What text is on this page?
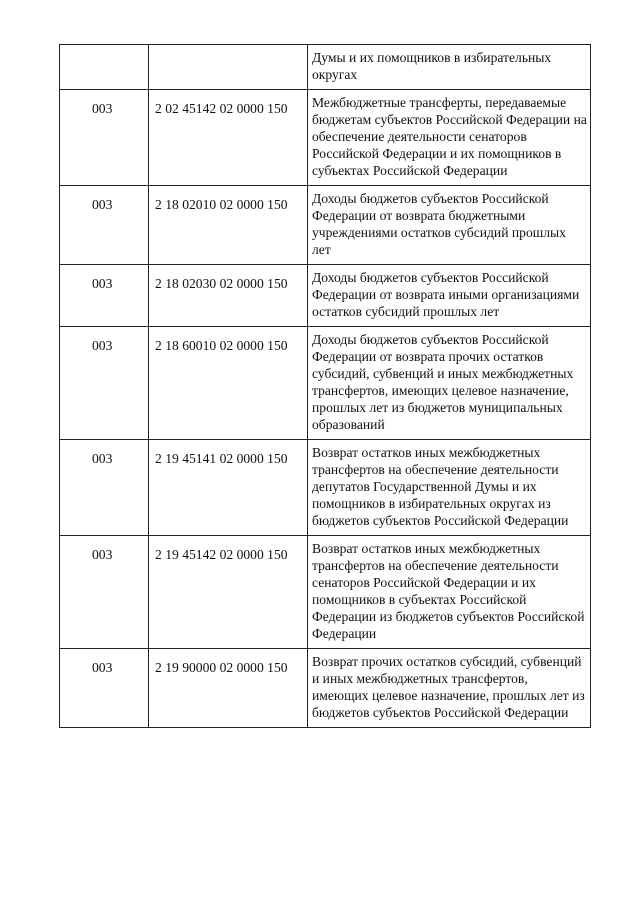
		Думы и их помощников в избирательных округах
003	2 02 45142 02 0000 150	Межбюджетные трансферты, передаваемые бюджетам субъектов Российской Федерации на обеспечение деятельности сенаторов Российской Федерации и их помощников в субъектах Российской Федерации
003	2 18 02010 02 0000 150	Доходы бюджетов субъектов Российской Федерации от возврата бюджетными учреждениями остатков субсидий прошлых лет
003	2 18 02030 02 0000 150	Доходы бюджетов субъектов Российской Федерации от возврата иными организациями остатков субсидий прошлых лет
003	2 18 60010 02 0000 150	Доходы бюджетов субъектов Российской Федерации от возврата прочих остатков субсидий, субвенций и иных межбюджетных трансфертов, имеющих целевое назначение, прошлых лет из бюджетов муниципальных образований
003	2 19 45141 02 0000 150	Возврат остатков иных межбюджетных трансфертов на обеспечение деятельности депутатов Государственной Думы и их помощников в избирательных округах из бюджетов субъектов Российской Федерации
003	2 19 45142 02 0000 150	Возврат остатков иных межбюджетных трансфертов на обеспечение деятельности сенаторов Российской Федерации и их помощников в субъектах Российской Федерации из бюджетов субъектов Российской Федерации
003	2 19 90000 02 0000 150	Возврат прочих остатков субсидий, субвенций и иных межбюджетных трансфертов, имеющих целевое назначение, прошлых лет из бюджетов субъектов Российской Федерации
